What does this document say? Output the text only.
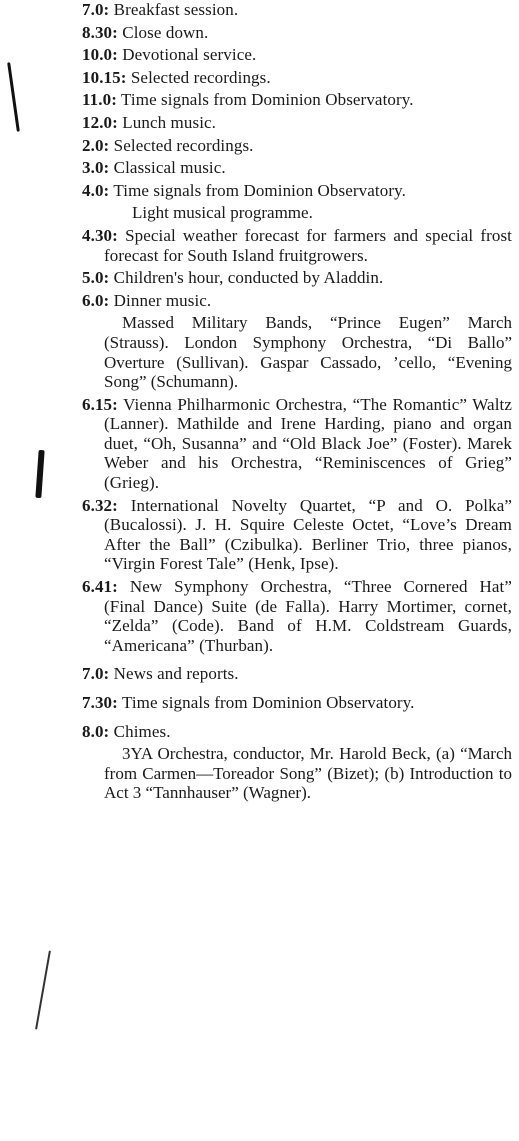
7.0: Breakfast session.

8.30: Close down.

10.0: Devotional service.

10.15: Selected recordings.

11.0: Time signals from Dominion Observatory.

12.0: Lunch music.

2.0: Selected recordings.

3.0: Classical music.

4.0: Time signals from Dominion Observatory.

Light musical programme.

4.30: Special weather forecast for farmers and special frost forecast for South Island fruitgrowers.

5.0: Children's hour, conducted by Aladdin.

6.0: Dinner music.

Massed Military Bands, “Prince Eugen” March (Strauss). London Symphony Orchestra, “Di Ballo” Overture (Sullivan). Gaspar Cassado, ’cello, “Evening Song” (Schumann).

6.15: Vienna Philharmonic Orchestra, “The Romantic” Waltz (Lanner). Mathilde and Irene Harding, piano and organ duet, “Oh, Susanna” and “Old Black Joe” (Foster). Marek Weber and his Orchestra, “Reminiscences of Grieg” (Grieg).

6.32: International Novelty Quartet, “P and O. Polka” (Bucalossi). J. H. Squire Celeste Octet, “Love’s Dream After the Ball” (Czibulka). Berliner Trio, three pianos, “Virgin Forest Tale” (Henk, Ipse).

6.41: New Symphony Orchestra, “Three Cornered Hat” (Final Dance) Suite (de Falla). Harry Mortimer, cornet, “Zelda” (Code). Band of H.M. Coldstream Guards, “Americana” (Thurban).

7.0: News and reports.

7.30: Time signals from Dominion Observatory.

8.0: Chimes.

3YA Orchestra, conductor, Mr. Harold Beck, (a) “March from Carmen—Toreador Song” (Bizet); (b) Introduction to Act 3 “Tannhauser” (Wagner).
